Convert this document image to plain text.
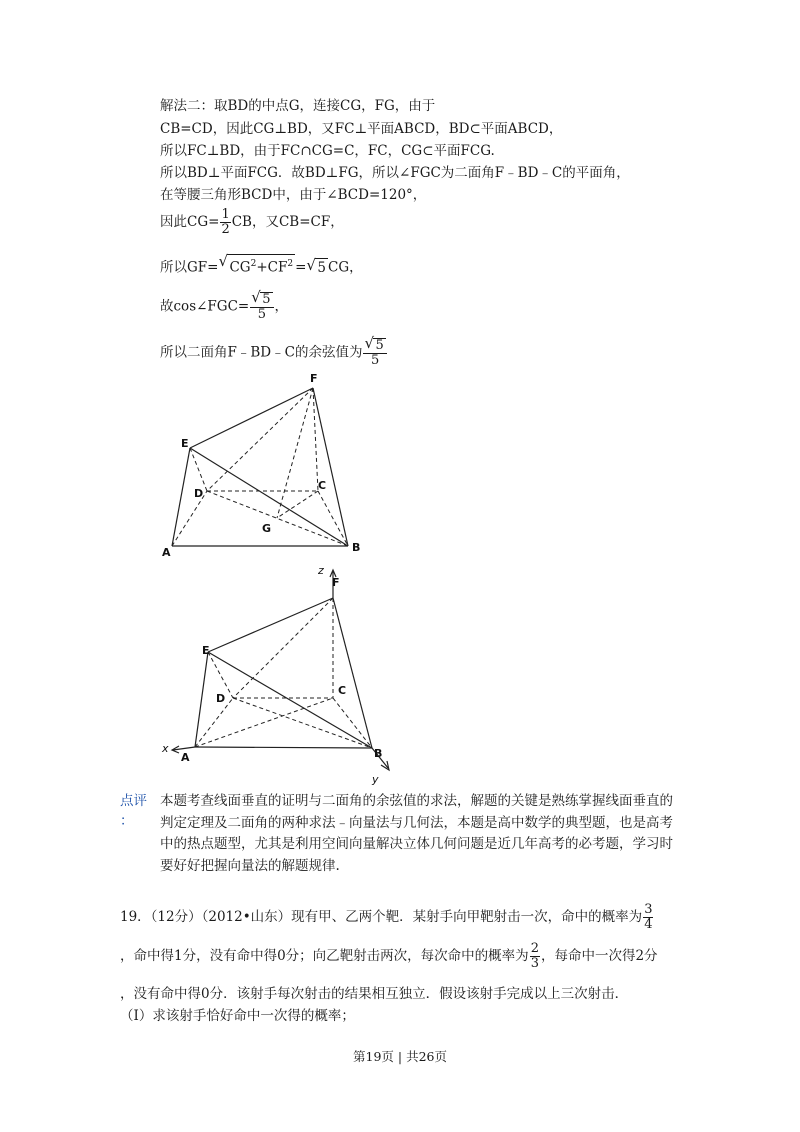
解法二：取BD的中点G，连接CG，FG，由于
CB=CD，因此CG⊥BD，又FC⊥平面ABCD，BD⊂平面ABCD，
所以FC⊥BD，由于FC∩CG=C，FC，CG⊂平面FCG.
所以BD⊥平面FCG．故BD⊥FG，所以∠FGC为二面角F﹣BD﹣C的平面角，
在等腰三角形BCD中，由于∠BCD=120°，
因此$CG= \frac{1}{2}$ CB，又CB=CF，
所以GF= √ $CG^2+CF^2$ = √ 5 CG，
故cos∠FGC= $\frac{√ 5}{5}$ ，
所以二面角F﹣BD﹣C的余弦值为 $\frac{√ 5}{5}$
F
E
D
C
G
A	B
z
F
E
D
C
x
A	B
y
点评
：
本题考查线面垂直的证明与二面角的余弦值的求法，解题的关键是熟练掌握线面垂直的判定定理及二面角的两种求法﹣向量法与几何法，本题是高中数学的典型题，也是高考中的热点题型，尤其是利用空间向量解决立体几何问题是近几年高考的必考题，学习时要好好把握向量法的解题规律.
19．（12分）（2012•山东）现有甲、乙两个靶．某射手向甲靶射击一次，命中的概率为 $\frac{3}{4}$
，命中得1分，没有命中得0分；向乙靶射击两次，每次命中的概率为 $\frac{2}{3}$ ，每命中一次得2分
，没有命中得0分．该射手每次射击的结果相互独立．假设该射手完成以上三次射击．
（Ⅰ）求该射手恰好命中一次得的概率；
第19页 | 共26页
